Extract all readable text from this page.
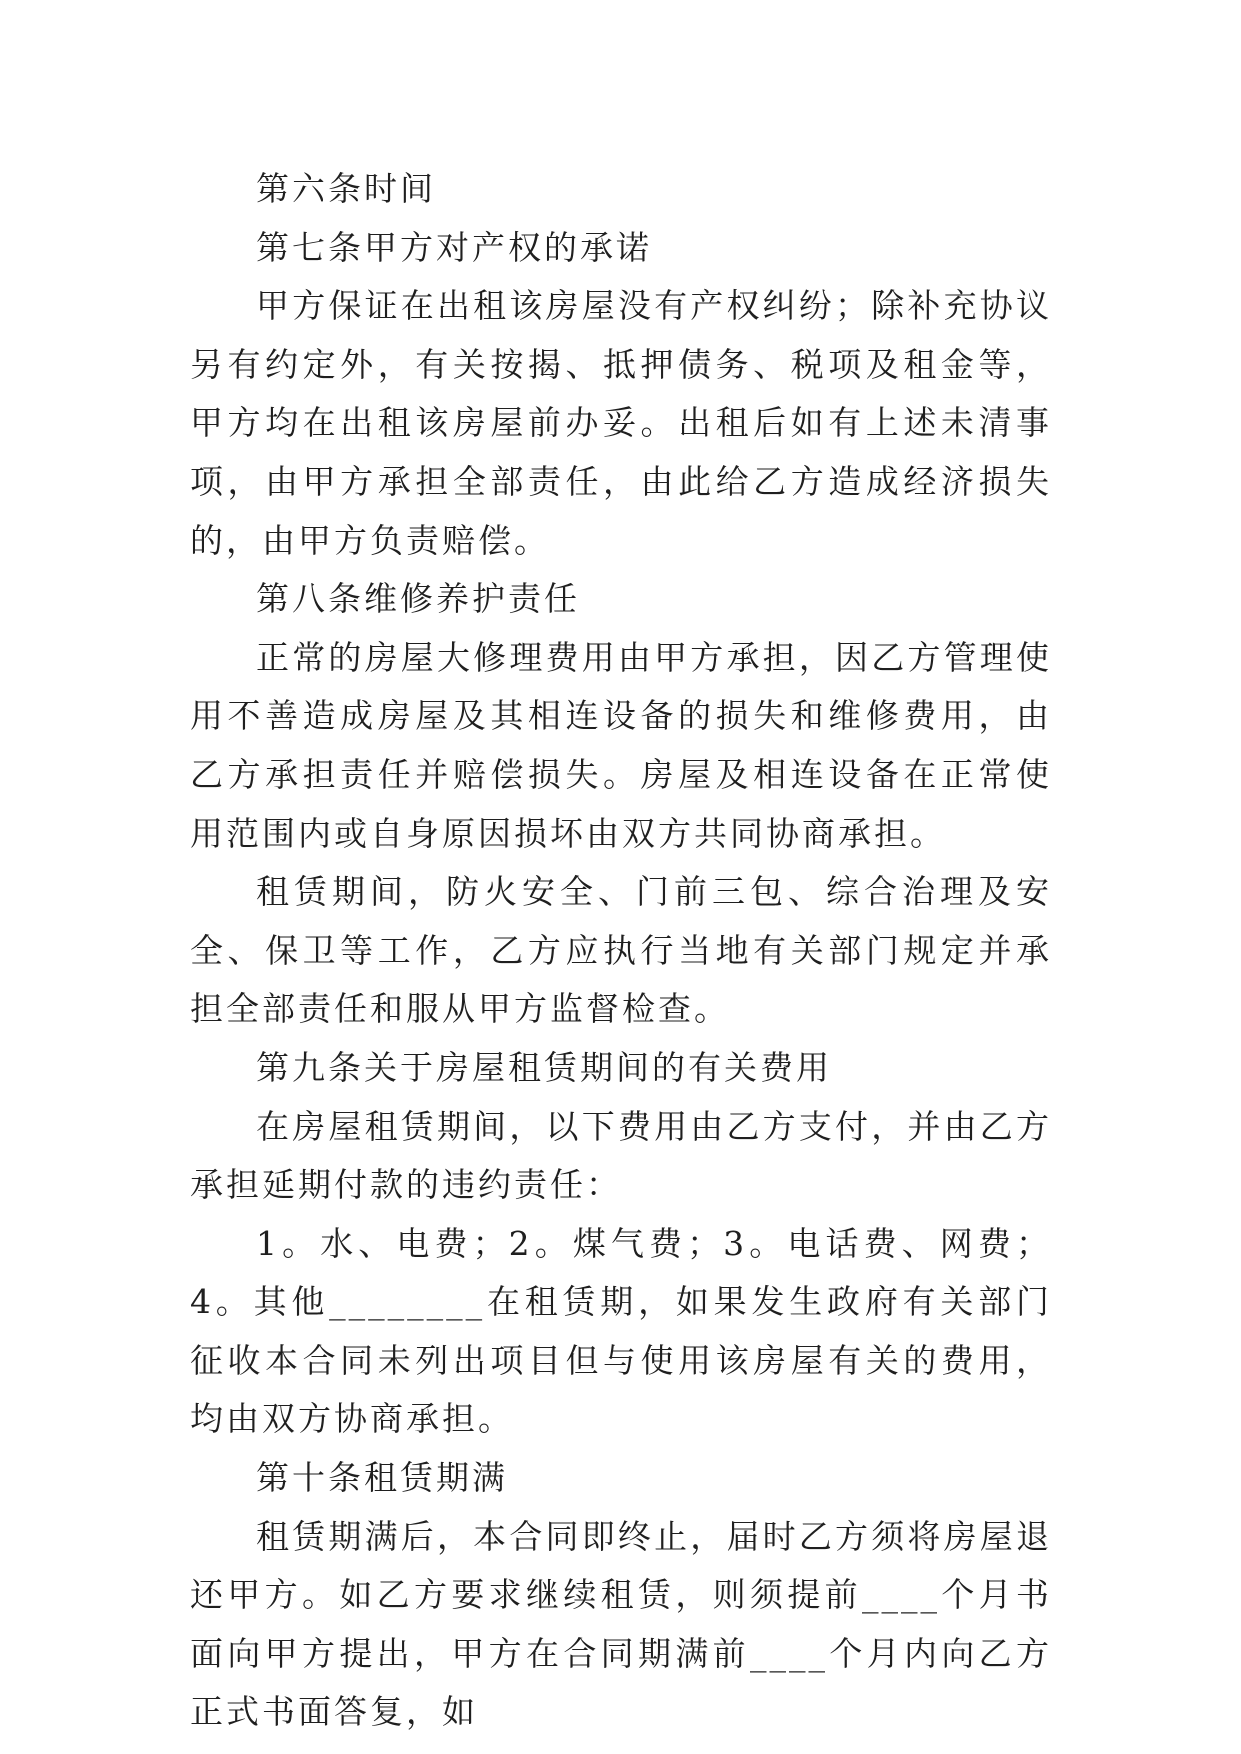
第六条时间

第七条甲方对产权的承诺

甲方保证在出租该房屋没有产权纠纷；除补充协议另有约定外，有关按揭、抵押债务、税项及租金等，甲方均在出租该房屋前办妥。出租后如有上述未清事项，由甲方承担全部责任，由此给乙方造成经济损失的，由甲方负责赔偿。

第八条维修养护责任

正常的房屋大修理费用由甲方承担，因乙方管理使用不善造成房屋及其相连设备的损失和维修费用，由乙方承担责任并赔偿损失。房屋及相连设备在正常使用范围内或自身原因损坏由双方共同协商承担。

租赁期间，防火安全、门前三包、综合治理及安全、保卫等工作，乙方应执行当地有关部门规定并承担全部责任和服从甲方监督检查。

第九条关于房屋租赁期间的有关费用

在房屋租赁期间，以下费用由乙方支付，并由乙方承担延期付款的违约责任：

1。水、电费；2。煤气费；3。电话费、网费；4。其他________在租赁期，如果发生政府有关部门征收本合同未列出项目但与使用该房屋有关的费用，均由双方协商承担。

第十条租赁期满

租赁期满后，本合同即终止，届时乙方须将房屋退还甲方。如乙方要求继续租赁，则须提前____个月书面向甲方提出，甲方在合同期满前____个月内向乙方正式书面答复，如
